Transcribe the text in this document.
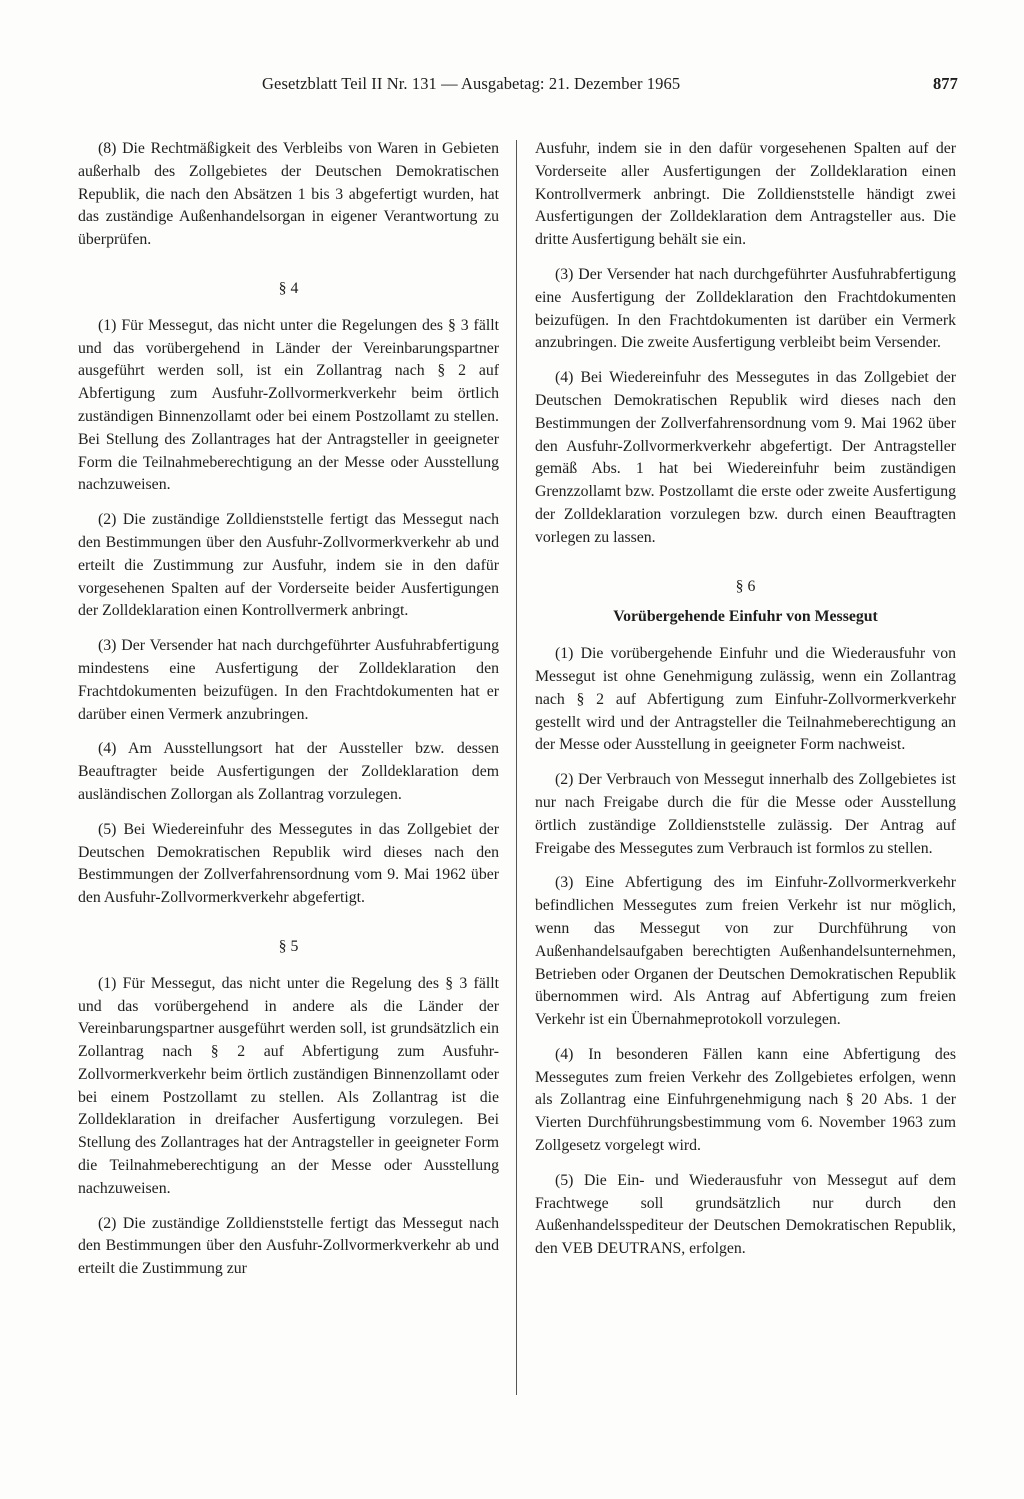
Gesetzblatt Teil II Nr. 131 — Ausgabetag: 21. Dezember 1965	877

(8) Die Rechtmäßigkeit des Verbleibs von Waren in Gebieten außerhalb des Zollgebietes der Deutschen Demokratischen Republik, die nach den Absätzen 1 bis 3 abgefertigt wurden, hat das zuständige Außenhandelsorgan in eigener Verantwortung zu überprüfen.

§ 4

(1) Für Messegut, das nicht unter die Regelungen des § 3 fällt und das vorübergehend in Länder der Vereinbarungspartner ausgeführt werden soll, ist ein Zollantrag nach § 2 auf Abfertigung zum Ausfuhr-Zollvormerkverkehr beim örtlich zuständigen Binnenzollamt oder bei einem Postzollamt zu stellen. Bei Stellung des Zollantrages hat der Antragsteller in geeigneter Form die Teilnahmeberechtigung an der Messe oder Ausstellung nachzuweisen.

(2) Die zuständige Zolldienststelle fertigt das Messegut nach den Bestimmungen über den Ausfuhr-Zollvormerkverkehr ab und erteilt die Zustimmung zur Ausfuhr, indem sie in den dafür vorgesehenen Spalten auf der Vorderseite beider Ausfertigungen der Zolldeklaration einen Kontrollvermerk anbringt.

(3) Der Versender hat nach durchgeführter Ausfuhrabfertigung mindestens eine Ausfertigung der Zolldeklaration den Frachtdokumenten beizufügen. In den Frachtdokumenten hat er darüber einen Vermerk anzubringen.

(4) Am Ausstellungsort hat der Aussteller bzw. dessen Beauftragter beide Ausfertigungen der Zolldeklaration dem ausländischen Zollorgan als Zollantrag vorzulegen.

(5) Bei Wiedereinfuhr des Messegutes in das Zollgebiet der Deutschen Demokratischen Republik wird dieses nach den Bestimmungen der Zollverfahrensordnung vom 9. Mai 1962 über den Ausfuhr-Zollvormerkverkehr abgefertigt.

§ 5

(1) Für Messegut, das nicht unter die Regelung des § 3 fällt und das vorübergehend in andere als die Länder der Vereinbarungspartner ausgeführt werden soll, ist grundsätzlich ein Zollantrag nach § 2 auf Abfertigung zum Ausfuhr-Zollvormerkverkehr beim örtlich zuständigen Binnenzollamt oder bei einem Postzollamt zu stellen. Als Zollantrag ist die Zolldeklaration in dreifacher Ausfertigung vorzulegen. Bei Stellung des Zollantrages hat der Antragsteller in geeigneter Form die Teilnahmeberechtigung an der Messe oder Ausstellung nachzuweisen.

(2) Die zuständige Zolldienststelle fertigt das Messegut nach den Bestimmungen über den Ausfuhr-Zollvormerkverkehr ab und erteilt die Zustimmung zur

Ausfuhr, indem sie in den dafür vorgesehenen Spalten auf der Vorderseite aller Ausfertigungen der Zolldeklaration einen Kontrollvermerk anbringt. Die Zolldienststelle händigt zwei Ausfertigungen der Zolldeklaration dem Antragsteller aus. Die dritte Ausfertigung behält sie ein.

(3) Der Versender hat nach durchgeführter Ausfuhrabfertigung eine Ausfertigung der Zolldeklaration den Frachtdokumenten beizufügen. In den Frachtdokumenten ist darüber ein Vermerk anzubringen. Die zweite Ausfertigung verbleibt beim Versender.

(4) Bei Wiedereinfuhr des Messegutes in das Zollgebiet der Deutschen Demokratischen Republik wird dieses nach den Bestimmungen der Zollverfahrensordnung vom 9. Mai 1962 über den Ausfuhr-Zollvormerkverkehr abgefertigt. Der Antragsteller gemäß Abs. 1 hat bei Wiedereinfuhr beim zuständigen Grenzzollamt bzw. Postzollamt die erste oder zweite Ausfertigung der Zolldeklaration vorzulegen bzw. durch einen Beauftragten vorlegen zu lassen.

§ 6
Vorübergehende Einfuhr von Messegut

(1) Die vorübergehende Einfuhr und die Wiederausfuhr von Messegut ist ohne Genehmigung zulässig, wenn ein Zollantrag nach § 2 auf Abfertigung zum Einfuhr-Zollvormerkverkehr gestellt wird und der Antragsteller die Teilnahmeberechtigung an der Messe oder Ausstellung in geeigneter Form nachweist.

(2) Der Verbrauch von Messegut innerhalb des Zollgebietes ist nur nach Freigabe durch die für die Messe oder Ausstellung örtlich zuständige Zolldienststelle zulässig. Der Antrag auf Freigabe des Messegutes zum Verbrauch ist formlos zu stellen.

(3) Eine Abfertigung des im Einfuhr-Zollvormerkverkehr befindlichen Messegutes zum freien Verkehr ist nur möglich, wenn das Messegut von zur Durchführung von Außenhandelsaufgaben berechtigten Außenhandelsunternehmen, Betrieben oder Organen der Deutschen Demokratischen Republik übernommen wird. Als Antrag auf Abfertigung zum freien Verkehr ist ein Übernahmeprotokoll vorzulegen.

(4) In besonderen Fällen kann eine Abfertigung des Messegutes zum freien Verkehr des Zollgebietes erfolgen, wenn als Zollantrag eine Einfuhrgenehmigung nach § 20 Abs. 1 der Vierten Durchführungsbestimmung vom 6. November 1963 zum Zollgesetz vorgelegt wird.

(5) Die Ein- und Wiederausfuhr von Messegut auf dem Frachtwege soll grundsätzlich nur durch den Außenhandelsspediteur der Deutschen Demokratischen Republik, den VEB DEUTRANS, erfolgen.
